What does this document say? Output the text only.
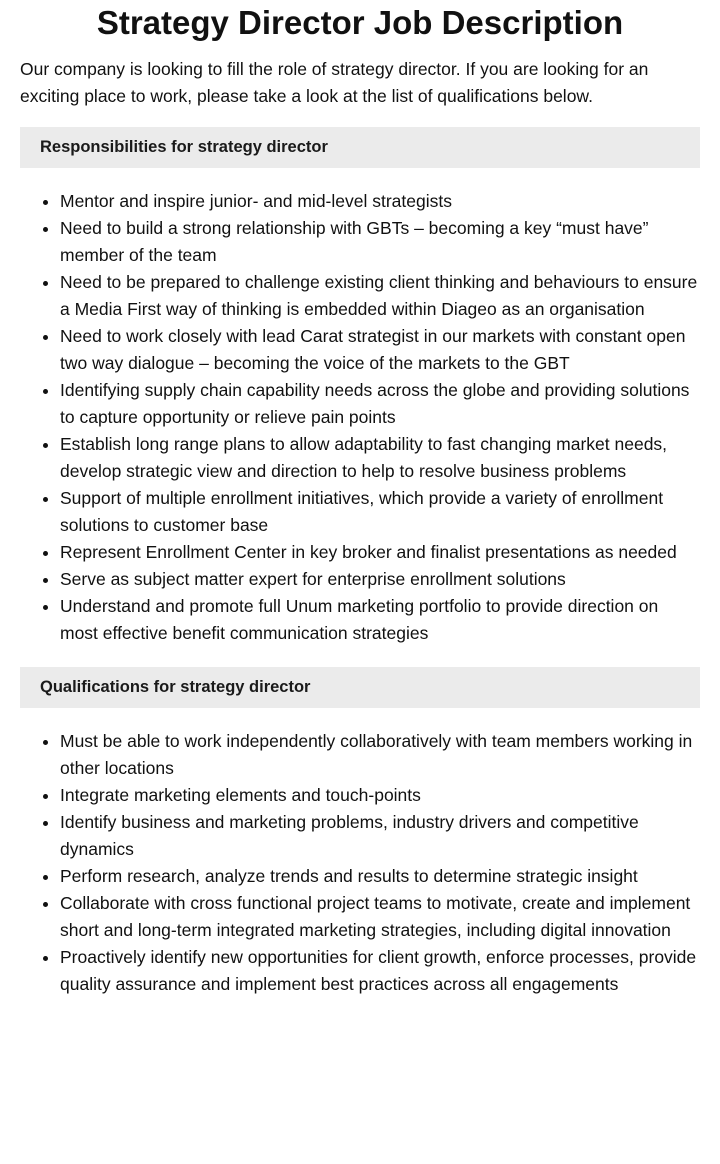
Strategy Director Job Description

Our company is looking to fill the role of strategy director. If you are looking for an exciting place to work, please take a look at the list of qualifications below.

Responsibilities for strategy director
• Mentor and inspire junior- and mid-level strategists
• Need to build a strong relationship with GBTs – becoming a key “must have” member of the team
• Need to be prepared to challenge existing client thinking and behaviours to ensure a Media First way of thinking is embedded within Diageo as an organisation
• Need to work closely with lead Carat strategist in our markets with constant open two way dialogue – becoming the voice of the markets to the GBT
• Identifying supply chain capability needs across the globe and providing solutions to capture opportunity or relieve pain points
• Establish long range plans to allow adaptability to fast changing market needs, develop strategic view and direction to help to resolve business problems
• Support of multiple enrollment initiatives, which provide a variety of enrollment solutions to customer base
• Represent Enrollment Center in key broker and finalist presentations as needed
• Serve as subject matter expert for enterprise enrollment solutions
• Understand and promote full Unum marketing portfolio to provide direction on most effective benefit communication strategies
Qualifications for strategy director
• Must be able to work independently collaboratively with team members working in other locations
• Integrate marketing elements and touch-points
• Identify business and marketing problems, industry drivers and competitive dynamics
• Perform research, analyze trends and results to determine strategic insight
• Collaborate with cross functional project teams to motivate, create and implement short and long-term integrated marketing strategies, including digital innovation
• Proactively identify new opportunities for client growth, enforce processes, provide quality assurance and implement best practices across all engagements
